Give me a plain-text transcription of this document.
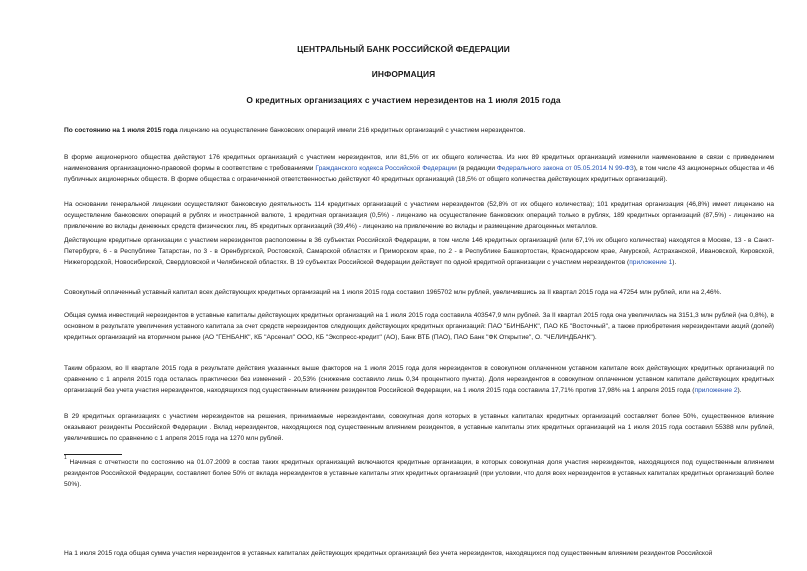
ЦЕНТРАЛЬНЫЙ БАНК РОССИЙСКОЙ ФЕДЕРАЦИИ
ИНФОРМАЦИЯ
О кредитных организациях с участием нерезидентов на 1 июля 2015 года

По состоянию на 1 июля 2015 года лицензию на осуществление банковских операций имели 216 кредитных организаций с участием нерезидентов.

В форме акционерного общества действуют 176 кредитных организаций с участием нерезидентов, или 81,5% от их общего количества. Из них 89 кредитных организаций изменили наименование в связи с приведением наименования организационно-правовой формы в соответствие с требованиями Гражданского кодекса Российской Федерации (в редакции Федерального закона от 05.05.2014 N 99-ФЗ), в том числе 43 акционерных общества и 46 публичных акционерных обществ. В форме общества с ограниченной ответственностью действуют 40 кредитных организаций (18,5% от общего количества действующих кредитных организаций).

На основании генеральной лицензии осуществляют банковскую деятельность 114 кредитных организаций с участием нерезидентов (52,8% от их общего количества); 101 кредитная организация (46,8%) имеет лицензию на осуществление банковских операций в рублях и иностранной валюте, 1 кредитная организация (0,5%) - лицензию на осуществление банковских операций только в рублях, 189 кредитных организаций (87,5%) - лицензию на привлечение во вклады денежных средств физических лиц, 85 кредитных организаций (39,4%) - лицензию на привлечение во вклады и размещение драгоценных металлов.

Действующие кредитные организации с участием нерезидентов расположены в 36 субъектах Российской Федерации, в том числе 146 кредитных организаций (или 67,1% их общего количества) находятся в Москве, 13 - в Санкт-Петербурге, 6 - в Республике Татарстан, по 3 - в Оренбургской, Ростовской, Самарской областях и Приморском крае, по 2 - в Республике Башкортостан, Краснодарском крае, Амурской, Астраханской, Ивановской, Кировской, Нижегородской, Новосибирской, Свердловской и Челябинской областях. В 19 субъектах Российской Федерации действует по одной кредитной организации с участием нерезидентов (приложение 1).

Совокупный оплаченный уставный капитал всех действующих кредитных организаций на 1 июля 2015 года составил 1965702 млн рублей, увеличившись за II квартал 2015 года на 47254 млн рублей, или на 2,46%.

Общая сумма инвестиций нерезидентов в уставные капиталы действующих кредитных организаций на 1 июля 2015 года составила 403547,9 млн рублей. За II квартал 2015 года она увеличилась на 3151,3 млн рублей (на 0,8%), в основном в результате увеличения уставного капитала за счет средств нерезидентов следующих действующих кредитных организаций: ПАО "БИНБАНК", ПАО КБ "Восточный", а также приобретения нерезидентами акций (долей) кредитных организаций на вторичном рынке (АО "ГЕНБАНК", КБ "Арсенал" ООО, КБ "Экспресс-кредит" (АО), Банк ВТБ (ПАО), ПАО Банк "ФК Открытие", О. "ЧЕЛИНДБАНК").

Таким образом, во II квартале 2015 года в результате действия указанных выше факторов на 1 июля 2015 года доля нерезидентов в совокупном оплаченном уставном капитале всех действующих кредитных организаций по сравнению с 1 апреля 2015 года осталась практически без изменений - 20,53% (снижение составило лишь 0,34 процентного пункта). Доля нерезидентов в совокупном оплаченном уставном капитале действующих кредитных организаций без учета участия нерезидентов, находящихся под существенным влиянием резидентов Российской Федерации, на 1 июля 2015 года составила 17,71% против 17,98% на 1 апреля 2015 года (приложение 2).

В 29 кредитных организациях с участием нерезидентов на решения, принимаемые нерезидентами, совокупная доля которых в уставных капиталах кредитных организаций составляет более 50%, существенное влияние оказывают резиденты Российской Федерации . Вклад нерезидентов, находящихся под существенным влиянием резидентов, в уставные капиталы этих кредитных организаций на 1 июля 2015 года составил 55388 млн рублей, увеличившись по сравнению с 1 апреля 2015 года на 1270 млн рублей.

$^1$ Начиная с отчетности по состоянию на 01.07.2009 в состав таких кредитных организаций включаются кредитные организации, в которых совокупная доля участия нерезидентов, находящихся под существенным влиянием резидентов Российской Федерации, составляет более 50% от вклада нерезидентов в уставные капиталы этих кредитных организаций (при условии, что доля всех нерезидентов в уставных капиталах кредитных организаций более 50%).

На 1 июля 2015 года общая сумма участия нерезидентов в уставных капиталах действующих кредитных организаций без учета нерезидентов, находящихся под существенным влиянием резидентов Российской
